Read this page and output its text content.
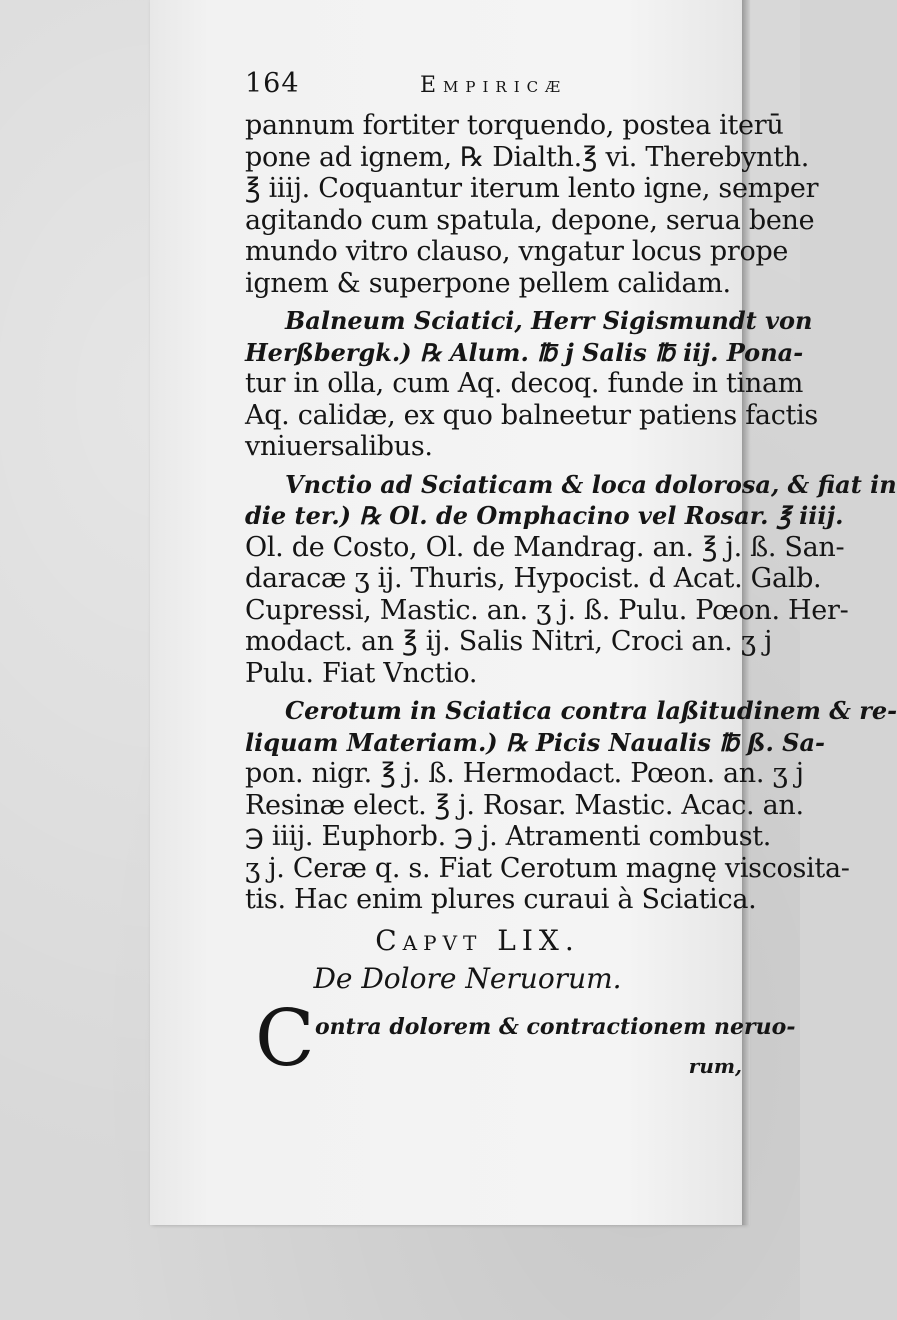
164	Empiricæ
pannum fortiter torquendo, postea iterū
pone ad ignem, ℞ Dialth.℥ vi. Therebynth.
℥ iiij. Coquantur iterum lento igne, semper
agitando cum spatula, depone, serua bene
mundo vitro clauso, vngatur locus prope
ignem & superpone pellem calidam.
Balneum Sciatici, Herr Sigismundt von
Herßbergk.) ℞ Alum. ℔ j Salis ℔ iij. Pona-
tur in olla, cum Aq. decoq. funde in tinam
Aq. calidæ, ex quo balneetur patiens factis
vniuersalibus.
Vnctio ad Sciaticam & loca dolorosa, & fiat in
die ter.) ℞ Ol. de Omphacino vel Rosar. ℥ iiij.
Ol. de Costo, Ol. de Mandrag. an. ℥ j. ß. San-
daracæ ʒ ij. Thuris, Hypocist. d Acat. Galb.
Cupressi, Mastic. an. ʒ j. ß. Pulu. Pœon. Her-
modact. an ℥ ij. Salis Nitri, Croci an. ʒ j
Pulu. Fiat Vnctio.
Cerotum in Sciatica contra laßitudinem & re-
liquam Materiam.) ℞ Picis Naualis ℔ ß. Sa-
pon. nigr. ℥ j. ß. Hermodact. Pœon. an. ʒ j
Resinæ elect. ℥ j. Rosar. Mastic. Acac. an.
℈ iiij. Euphorb. ℈ j. Atramenti combust.
ʒ j. Ceræ q. s. Fiat Cerotum magnę viscosita-
tis. Hac enim plures curaui à Sciatica.
Capvt LIX.
De Dolore Neruorum.
C ontra dolorem & contractionem neruo-
rum,
